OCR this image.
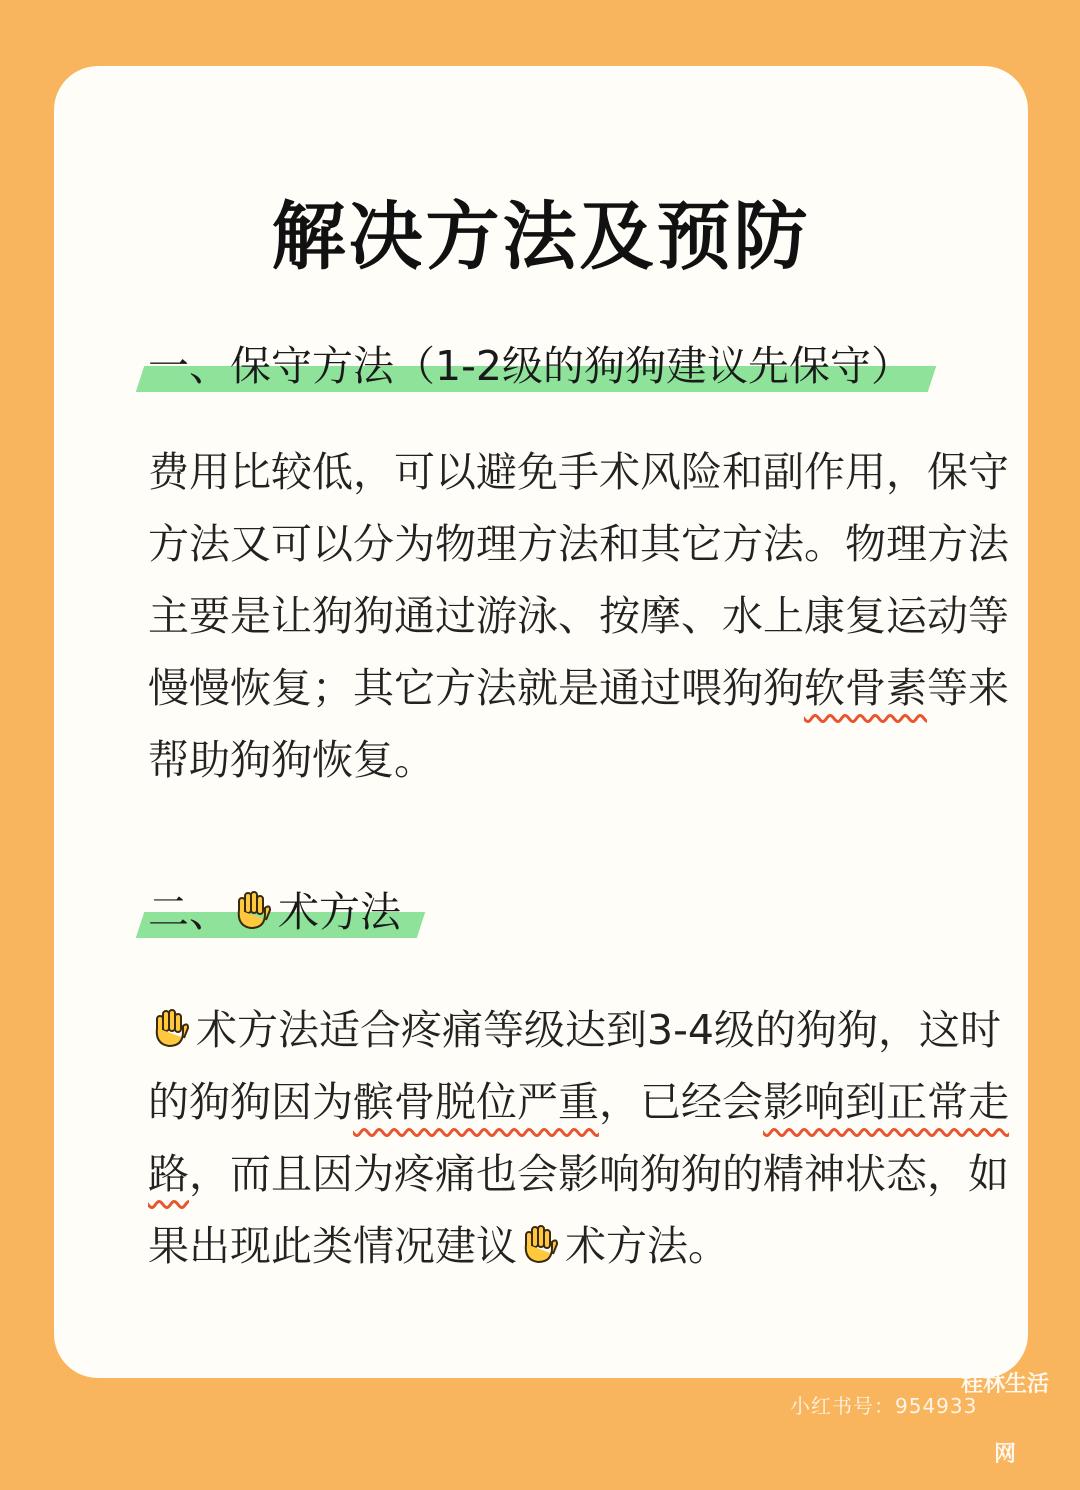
解决方法及预防
一、保守方法（1-2级的狗狗建议先保守）
费用比较低，可以避免手术风险和副作用，保守方法又可以分为物理方法和其它方法。物理方法主要是让狗狗通过游泳、按摩、水上康复运动等慢慢恢复；其它方法就是通过喂狗狗软骨素等来帮助狗狗恢复。
二、 术方法
术方法适合疼痛等级达到3-4级的狗狗，这时的狗狗因为髌骨脱位严重，已经会影响到正常走路，而且因为疼痛也会影响狗狗的精神状态，如果出现此类情况建议 术方法。
小红书号：954933
桂林生活网
